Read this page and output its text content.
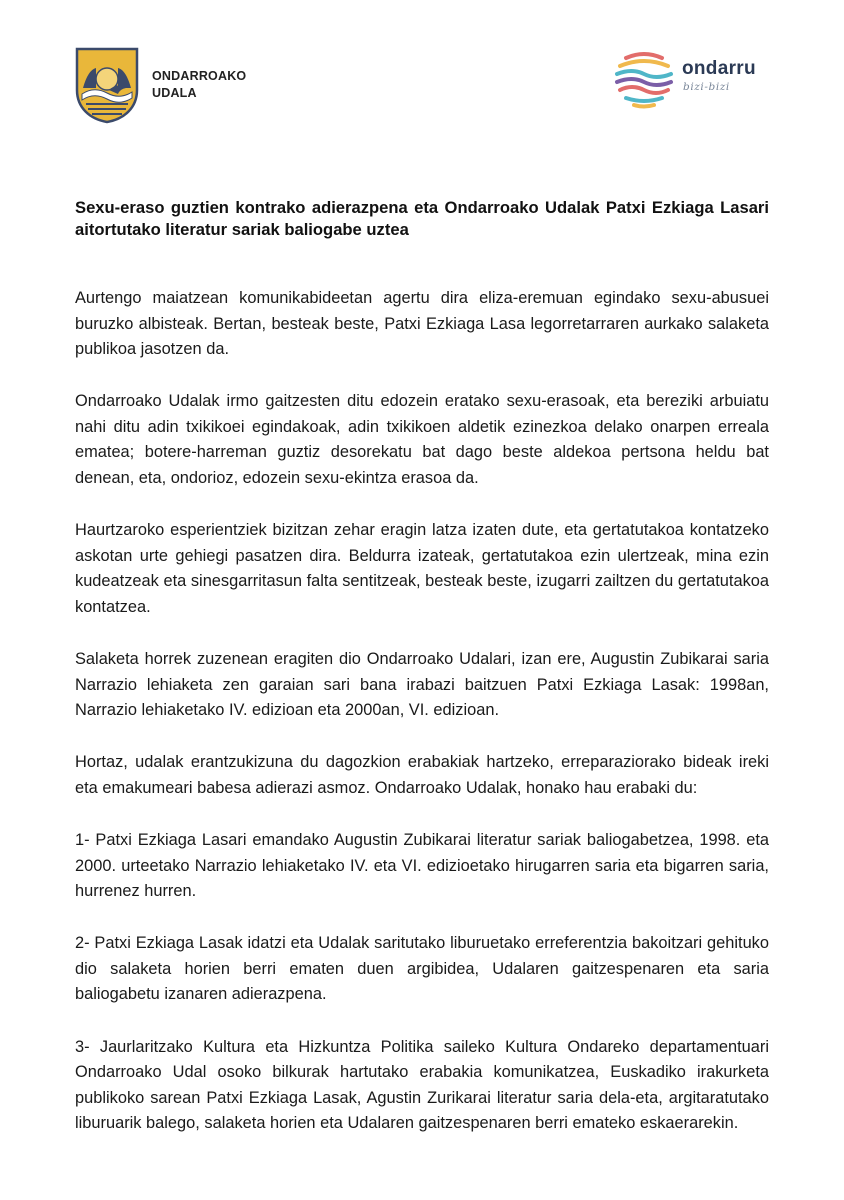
ONDARROAKO
UDALA
ondarru
bizi-bizi
Sexu-eraso guztien kontrako adierazpena eta Ondarroako Udalak Patxi Ezkiaga Lasari aitortutako literatur sariak baliogabe uztea

Aurtengo maiatzean komunikabideetan agertu dira eliza-eremuan egindako sexu-abusuei buruzko albisteak. Bertan, besteak beste, Patxi Ezkiaga Lasa legorretarraren aurkako salaketa publikoa jasotzen da.

Ondarroako Udalak irmo gaitzesten ditu edozein eratako sexu-erasoak, eta bereziki arbuiatu nahi ditu adin txikikoei egindakoak, adin txikikoen aldetik ezinezkoa delako onarpen erreala ematea; botere-harreman guztiz desorekatu bat dago beste aldekoa pertsona heldu bat denean, eta, ondorioz, edozein sexu-ekintza erasoa da.

Haurtzaroko esperientziek bizitzan zehar eragin latza izaten dute, eta gertatutakoa kontatzeko askotan urte gehiegi pasatzen dira. Beldurra izateak, gertatutakoa ezin ulertzeak, mina ezin kudeatzeak eta sinesgarritasun falta sentitzeak, besteak beste, izugarri zailtzen du gertatutakoa kontatzea.

Salaketa horrek zuzenean eragiten dio Ondarroako Udalari, izan ere, Augustin Zubikarai saria Narrazio lehiaketa zen garaian sari bana irabazi baitzuen Patxi Ezkiaga Lasak: 1998an, Narrazio lehiaketako IV. edizioan eta 2000an, VI. edizioan.

Hortaz, udalak erantzukizuna du dagozkion erabakiak hartzeko, erreparaziorako bideak ireki eta emakumeari babesa adierazi asmoz. Ondarroako Udalak, honako hau erabaki du:

1- Patxi Ezkiaga Lasari emandako Augustin Zubikarai literatur sariak baliogabetzea, 1998. eta 2000. urteetako Narrazio lehiaketako IV. eta VI. edizioetako hirugarren saria eta bigarren saria, hurrenez hurren.

2- Patxi Ezkiaga Lasak idatzi eta Udalak saritutako liburuetako erreferentzia bakoitzari gehituko dio salaketa horien berri ematen duen argibidea, Udalaren gaitzespenaren eta saria baliogabetu izanaren adierazpena.

3- Jaurlaritzako Kultura eta Hizkuntza Politika saileko Kultura Ondareko departamentuari Ondarroako Udal osoko bilkurak hartutako erabakia komunikatzea, Euskadiko irakurketa publikoko sarean Patxi Ezkiaga Lasak, Agustin Zurikarai literatur saria dela-eta, argitaratutako liburuarik balego, salaketa horien eta Udalaren gaitzespenaren berri emateko eskaerarekin.
